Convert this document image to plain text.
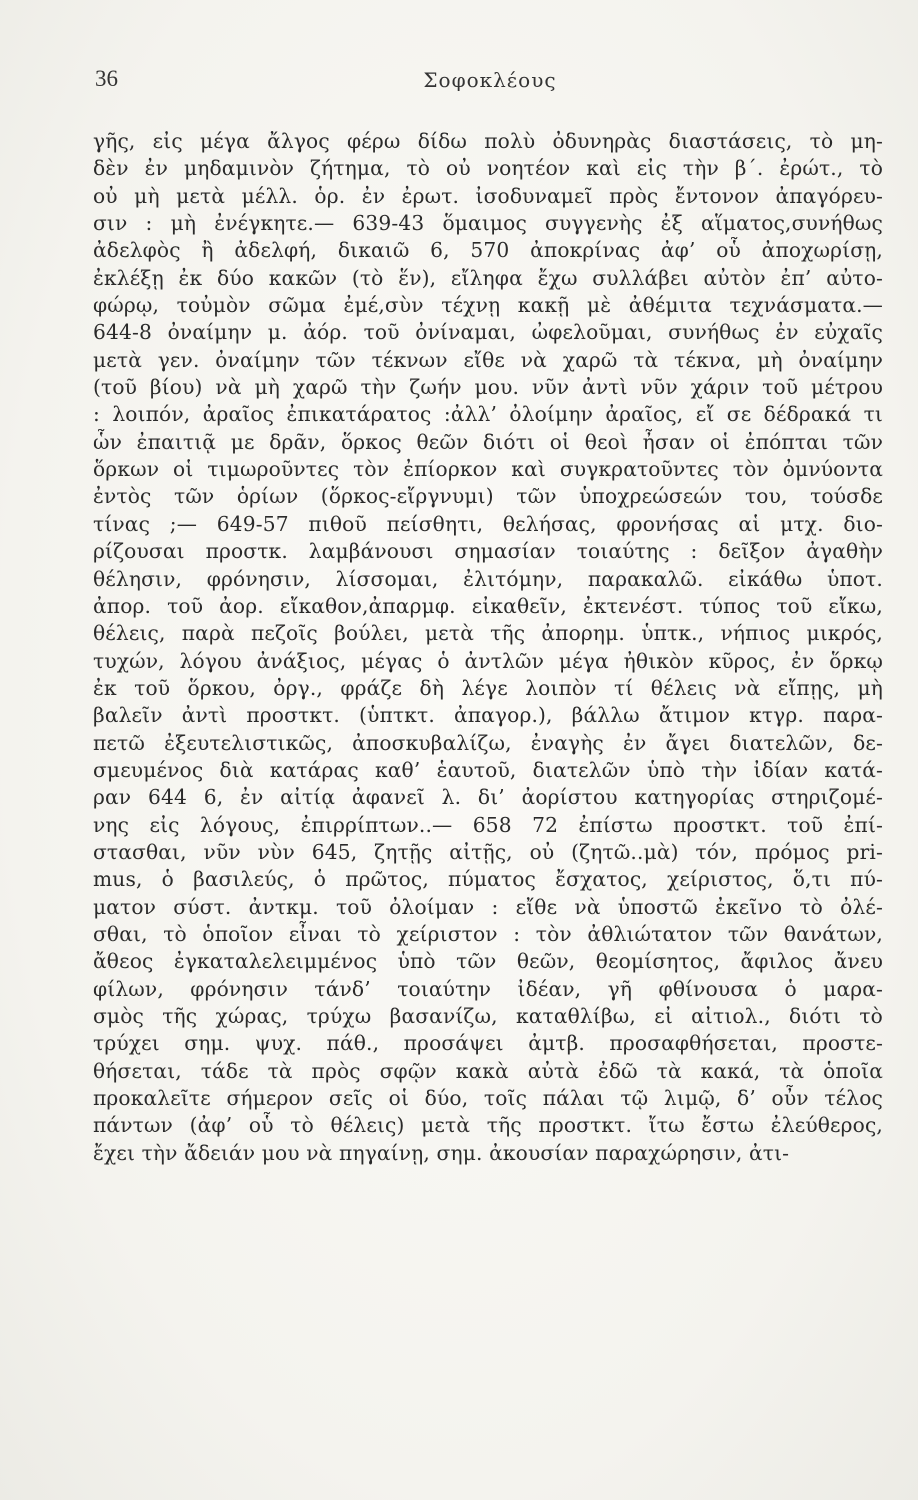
36	Σοφοκλέους
γῆς, εἰς μέγα ἄλγος φέρω δίδω πολὺ ὀδυνηρὰς διαστάσεις, τὸ μη-
δὲν ἐν μηδαμινὸν ζήτημα, τὸ οὐ νοητέον καὶ εἰς τὴν β΄. ἐρώτ., τὸ
οὐ μὴ μετὰ μέλλ. ὁρ. ἐν ἐρωτ. ἰσοδυναμεῖ πρὸς ἔντονον ἀπαγόρευ-
σιν : μὴ ἐνέγκητε.— 639-43 ὅμαιμος συγγενὴς ἐξ αἵματος,συνήθως
ἀδελφὸς ἢ ἀδελφή, δικαιῶ 6, 570 ἀποκρίνας ἀφ’ οὗ ἀποχωρίσῃ,
ἐκλέξῃ ἐκ δύο κακῶν (τὸ ἕν), εἴληφα ἔχω συλλάβει αὐτὸν ἐπ’ αὐτο-
φώρῳ, τοὐμὸν σῶμα ἐμέ,σὺν τέχνῃ κακῇ μὲ ἀθέμιτα τεχνάσματα.—
644-8 ὀναίμην μ. ἀόρ. τοῦ ὀνίναμαι, ὠφελοῦμαι, συνήθως ἐν εὐχαῖς
μετὰ γεν. ὀναίμην τῶν τέκνων εἴθε νὰ χαρῶ τὰ τέκνα, μὴ ὀναίμην
(τοῦ βίου) νὰ μὴ χαρῶ τὴν ζωήν μου. νῦν ἀντὶ νῦν χάριν τοῦ μέτρου
: λοιπόν, ἀραῖος ἐπικατάρατος :ἀλλ’ ὀλοίμην ἀραῖος, εἴ σε δέδρακά τι
ὧν ἐπαιτιᾷ με δρᾶν, ὅρκος θεῶν διότι οἱ θεοὶ ἦσαν οἱ ἐπόπται τῶν
ὅρκων οἱ τιμωροῦντες τὸν ἐπίορκον καὶ συγκρατοῦντες τὸν ὀμνύοντα
ἐντὸς τῶν ὁρίων (ὅρκος-εἴργνυμι) τῶν ὑποχρεώσεών του, τούσδε
τίνας ;— 649-57 πιθοῦ πείσθητι, θελήσας, φρονήσας αἱ μτχ. διο-
ρίζουσαι προστκ. λαμβάνουσι σημασίαν τοιαύτης : δεῖξον ἀγαθὴν
θέλησιν, φρόνησιν, λίσσομαι, ἐλιτόμην, παρακαλῶ. εἰκάθω ὑποτ.
ἀπορ. τοῦ ἀορ. εἴκαθον,ἀπαρμφ. εἰκαθεῖν, ἐκτενέστ. τύπος τοῦ εἴκω,
θέλεις, παρὰ πεζοῖς βούλει, μετὰ τῆς ἀπορημ. ὑπτκ., νήπιος μικρός,
τυχών, λόγου ἀνάξιος, μέγας ὁ ἀντλῶν μέγα ἠθικὸν κῦρος, ἐν ὅρκῳ
ἐκ τοῦ ὅρκου, ὀργ., φράζε δὴ λέγε λοιπὸν τί θέλεις νὰ εἴπῃς, μὴ
βαλεῖν ἀντὶ προστκτ. (ὑπτκτ. ἀπαγορ.), βάλλω ἄτιμον κτγρ. παρα-
πετῶ ἐξευτελιστικῶς, ἀποσκυβαλίζω, ἐναγὴς ἐν ἄγει διατελῶν, δε-
σμευμένος διὰ κατάρας καθ’ ἑαυτοῦ, διατελῶν ὑπὸ τὴν ἰδίαν κατά-
ραν 644 6, ἐν αἰτίᾳ ἀφανεῖ λ. δι’ ἀορίστου κατηγορίας στηριζομέ-
νης εἰς λόγους, ἐπιρρίπτων..— 658 72 ἐπίστω προστκτ. τοῦ ἐπί-
στασθαι, νῦν νὺν 645, ζητῇς αἰτῇς, οὐ (ζητῶ..μὰ) τόν, πρόμος pri-
mus, ὁ βασιλεύς, ὁ πρῶτος, πύματος ἔσχατος, χείριστος, ὅ,τι πύ-
ματον σύστ. ἀντκμ. τοῦ ὀλοίμαν : εἴθε νὰ ὑποστῶ ἐκεῖνο τὸ ὀλέ-
σθαι, τὸ ὁποῖον εἶναι τὸ χείριστον : τὸν ἀθλιώτατον τῶν θανάτων,
ἄθεος ἐγκαταλελειμμένος ὑπὸ τῶν θεῶν, θεομίσητος, ἄφιλος ἄνευ
φίλων, φρόνησιν τάνδ’ τοιαύτην ἰδέαν, γῆ φθίνουσα ὁ μαρα-
σμὸς τῆς χώρας, τρύχω βασανίζω, καταθλίβω, εἰ αἰτιολ., διότι τὸ
τρύχει σημ. ψυχ. πάθ., προσάψει ἀμτβ. προσαφθήσεται, προστε-
θήσεται, τάδε τὰ πρὸς σφῷν κακὰ αὐτὰ ἐδῶ τὰ κακά, τὰ ὁποῖα
προκαλεῖτε σήμερον σεῖς οἱ δύο, τοῖς πάλαι τῷ λιμῷ, δ’ οὖν τέλος
πάντων (ἀφ’ οὗ τὸ θέλεις) μετὰ τῆς προστκτ. ἴτω ἔστω ἐλεύθερος,
ἔχει τὴν ἄδειάν μου νὰ πηγαίνῃ, σημ. ἀκουσίαν παραχώρησιν, ἀτι-
